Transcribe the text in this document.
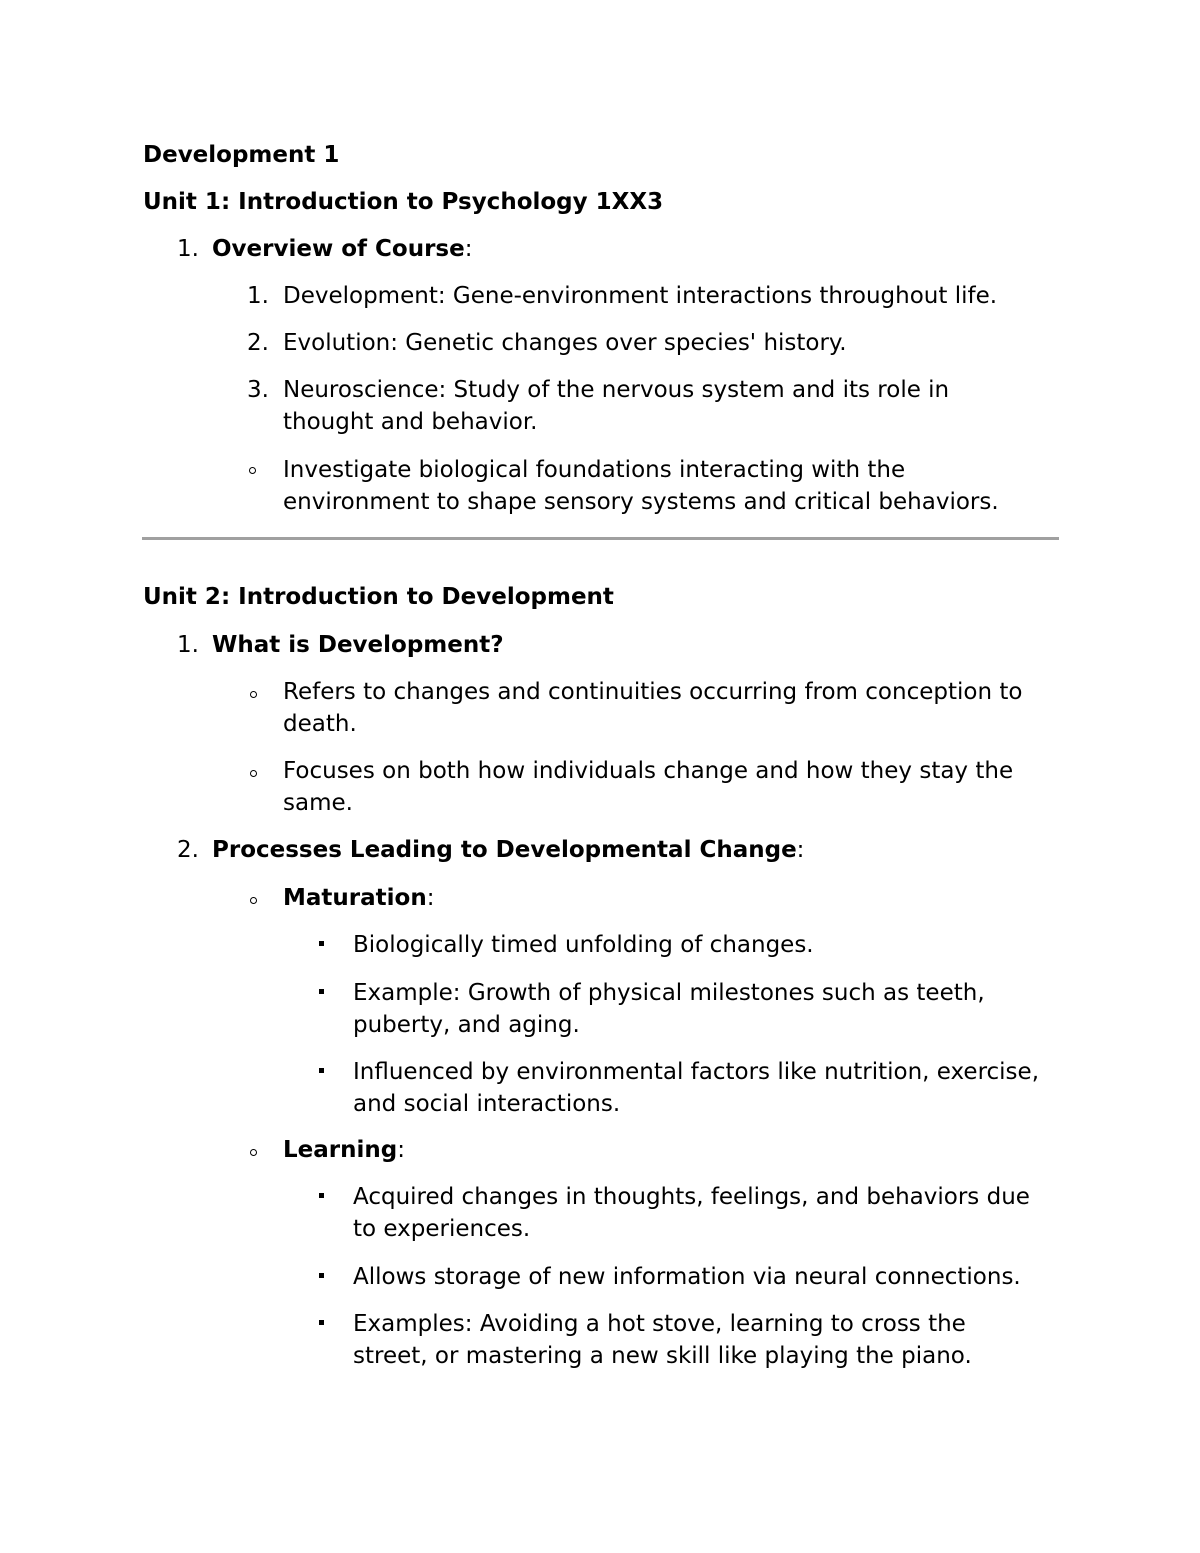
Development 1
Unit 1: Introduction to Psychology 1XX3
1. Overview of Course:
1. Development: Gene-environment interactions throughout life.
2. Evolution: Genetic changes over species' history.
3. Neuroscience: Study of the nervous system and its role in
thought and behavior.
Investigate biological foundations interacting with the
environment to shape sensory systems and critical behaviors.
Unit 2: Introduction to Development
1. What is Development?
Refers to changes and continuities occurring from conception to
death.
Focuses on both how individuals change and how they stay the
same.
2. Processes Leading to Developmental Change:
Maturation:
Biologically timed unfolding of changes.
Example: Growth of physical milestones such as teeth,
puberty, and aging.
Influenced by environmental factors like nutrition, exercise,
and social interactions.
Learning:
Acquired changes in thoughts, feelings, and behaviors due
to experiences.
Allows storage of new information via neural connections.
Examples: Avoiding a hot stove, learning to cross the
street, or mastering a new skill like playing the piano.
